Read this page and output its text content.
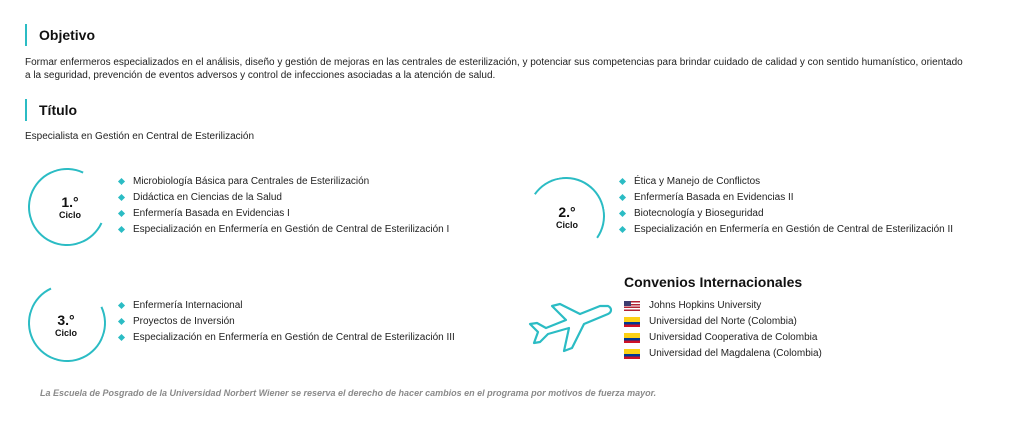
Objetivo

Formar enfermeros especializados en el análisis, diseño y gestión de mejoras en las centrales de esterilización, y potenciar sus competencias para brindar cuidado de calidad y con sentido humanístico, orientado a la seguridad, prevención de eventos adversos y control de infecciones asociadas a la atención de salud.

Título

Especialista en Gestión en Central de Esterilización

1.°
Ciclo
Microbiología Básica para Centrales de Esterilización
Didáctica en Ciencias de la Salud
Enfermería Basada en Evidencias I
Especialización en Enfermería en Gestión de Central de Esterilización I
2.°
Ciclo
Ética y Manejo de Conflictos
Enfermería Basada en Evidencias II
Biotecnología y Bioseguridad
Especialización en Enfermería en Gestión de Central de Esterilización II
3.°
Ciclo
Enfermería Internacional
Proyectos de Inversión
Especialización en Enfermería en Gestión de Central de Esterilización III
Convenios Internacionales
Johns Hopkins University
Universidad del Norte (Colombia)
Universidad Cooperativa de Colombia
Universidad del Magdalena (Colombia)

La Escuela de Posgrado de la Universidad Norbert Wiener se reserva el derecho de hacer cambios en el programa por motivos de fuerza mayor.
